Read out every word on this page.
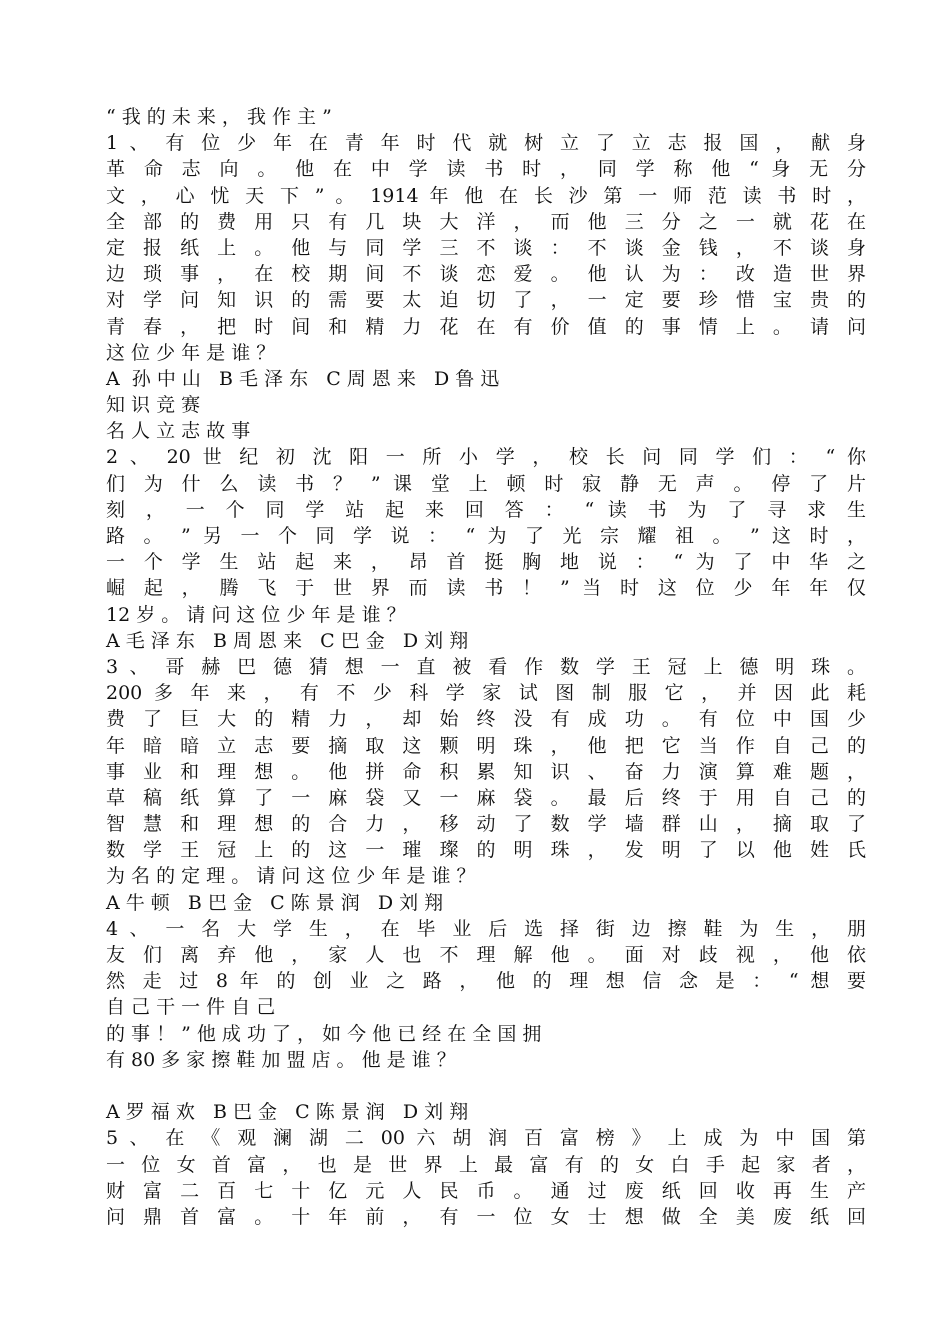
“ 我 的 未 来 ， 我 作 主 ”
1 、 有 位 少 年 在 青 年 时 代 就 树 立 了 立 志 报 国 ， 献 身
革 命 志 向 。 他 在 中 学 读 书 时 ， 同 学 称 他 “ 身 无 分
文 ， 心 忧 天 下 ” 。 1914 年 他 在 长 沙 第 一 师 范 读 书 时 ，
全 部 的 费 用 只 有 几 块 大 洋 ， 而 他 三 分 之 一 就 花 在
定 报 纸 上 。 他 与 同 学 三 不 谈 ： 不 谈 金 钱 ， 不 谈 身
边 琐 事 ， 在 校 期 间 不 谈 恋 爱 。 他 认 为 ： 改 造 世 界
对 学 问 知 识 的 需 要 太 迫 切 了 ， 一 定 要 珍 惜 宝 贵 的
青 春 ， 把 时 间 和 精 力 花 在 有 价 值 的 事 情 上 。 请 问
这 位 少 年 是 谁 ？
A  孙 中 山   B 毛 泽 东   C 周 恩 来   D 鲁 迅
知 识 竞 赛
名 人 立 志 故 事
2 、 20 世 纪 初 沈 阳 一 所 小 学 ， 校 长 问 同 学 们 ： “ 你
们 为 什 么 读 书 ？ ” 课 堂 上 顿 时 寂 静 无 声 。 停 了 片
刻 ， 一 个 同 学 站 起 来 回 答 ： “ 读 书 为 了 寻 求 生
路 。 ” 另 一 个 同 学 说 ： “ 为 了 光 宗 耀 祖 。 ” 这 时 ，
一 个 学 生 站 起 来 ， 昂 首 挺 胸 地 说 ： “ 为 了 中 华 之
崛 起 ， 腾 飞 于 世 界 而 读 书 ！ ” 当 时 这 位 少 年 年 仅
12 岁 。 请 问 这 位 少 年 是 谁 ？
A 毛 泽 东   B 周 恩 来   C 巴 金   D 刘 翔
3 、 哥 赫 巴 德 猜 想 一 直 被 看 作 数 学 王 冠 上 德 明 珠 。
200 多 年 来 ， 有 不 少 科 学 家 试 图 制 服 它 ， 并 因 此 耗
费 了 巨 大 的 精 力 ， 却 始 终 没 有 成 功 。 有 位 中 国 少
年 暗 暗 立 志 要 摘 取 这 颗 明 珠 ， 他 把 它 当 作 自 己 的
事 业 和 理 想 。 他 拼 命 积 累 知 识 、 奋 力 演 算 难 题 ，
草 稿 纸 算 了 一 麻 袋 又 一 麻 袋 。 最 后 终 于 用 自 己 的
智 慧 和 理 想 的 合 力 ， 移 动 了 数 学 墙 群 山 ， 摘 取 了
数 学 王 冠 上 的 这 一 璀 璨 的 明 珠 ， 发 明 了 以 他 姓 氏
为 名 的 定 理 。 请 问 这 位 少 年 是 谁 ？
A 牛 顿   B 巴 金   C 陈 景 润   D 刘 翔
4 、 一 名 大 学 生 ， 在 毕 业 后 选 择 街 边 擦 鞋 为 生 ， 朋
友 们 离 弃 他 ， 家 人 也 不 理 解 他 。 面 对 歧 视 ， 他 依
然 走 过 8 年 的 创 业 之 路 ， 他 的 理 想 信 念 是 ： “ 想 要
自 己 干 一 件 自 己
的 事 ！ ” 他 成 功 了 ， 如 今 他 已 经 在 全 国 拥
有 80 多 家 擦 鞋 加 盟 店 。 他 是 谁 ？
A 罗 福 欢   B 巴 金   C 陈 景 润   D 刘 翔
5 、 在 《 观 澜 湖 二 00 六 胡 润 百 富 榜 》 上 成 为 中 国 第
一 位 女 首 富 ， 也 是 世 界 上 最 富 有 的 女 白 手 起 家 者 ，
财 富 二 百 七 十 亿 元 人 民 币 。 通 过 废 纸 回 收 再 生 产
问 鼎 首 富 。 十 年 前 ， 有 一 位 女 士 想 做 全 美 废 纸 回
